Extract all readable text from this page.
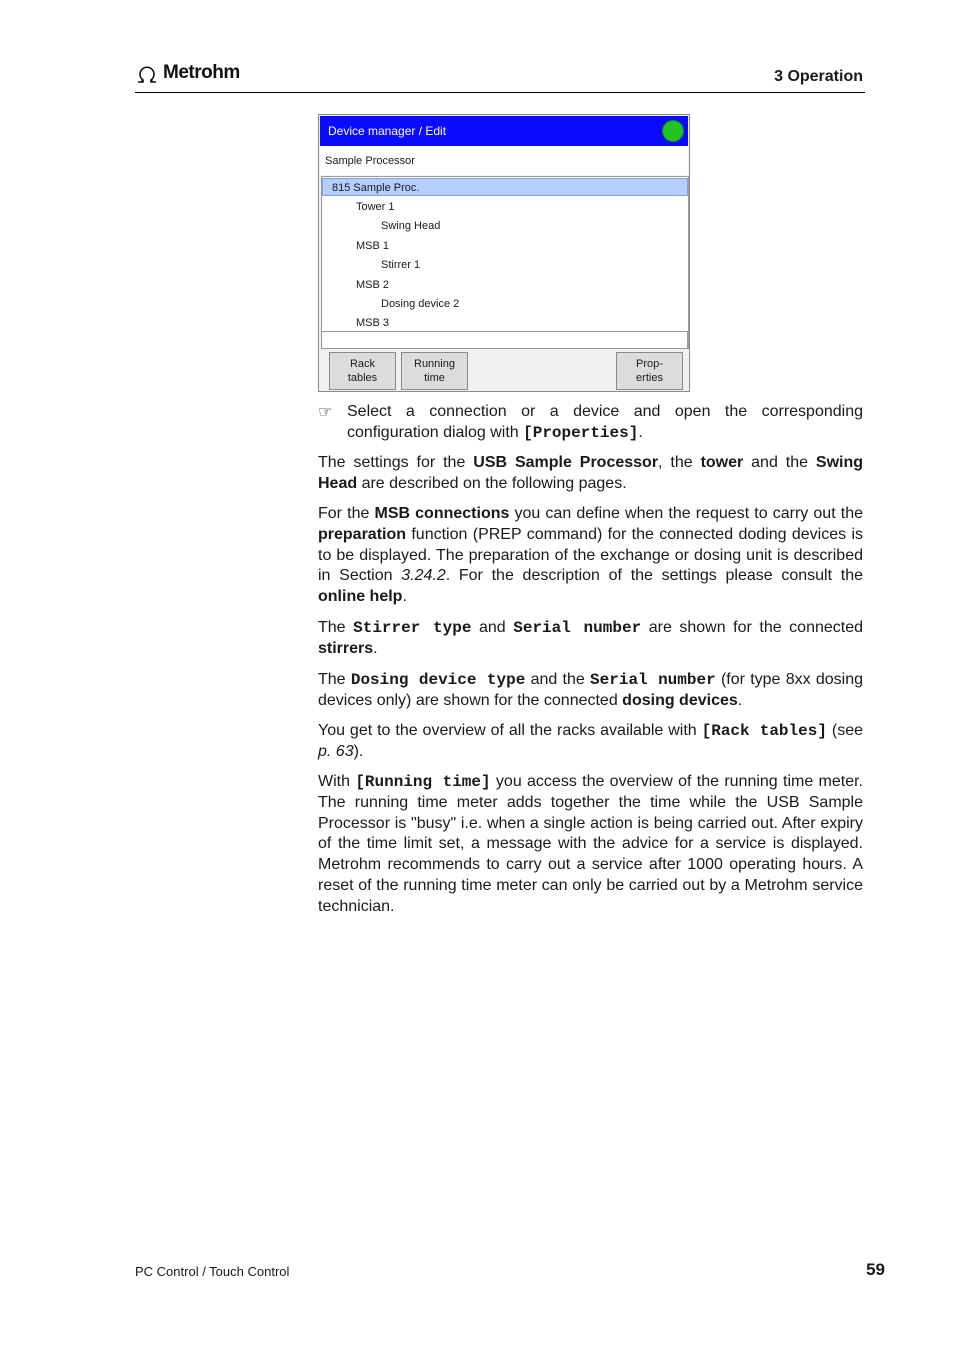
Metrohm	3 Operation
Device manager / Edit
Sample Processor
815 Sample Proc.
Tower 1
Swing Head
MSB 1
Stirrer 1
MSB 2
Dosing device 2
MSB 3
Rack
tables
Running
time
Prop-
erties
☞ Select a connection or a device and open the corresponding configuration dialog with [Properties].

The settings for the USB Sample Processor, the tower and the Swing Head are described on the following pages.

For the MSB connections you can define when the request to carry out the preparation function (PREP command) for the connected doding devices is to be displayed. The preparation of the exchange or dosing unit is described in Section 3.24.2. For the description of the settings please consult the online help.

The Stirrer type and Serial number are shown for the connected stirrers.

The Dosing device type and the Serial number (for type 8xx dosing devices only) are shown for the connected dosing devices.

You get to the overview of all the racks available with [Rack tables] (see p. 63).

With [Running time] you access the overview of the running time meter. The running time meter adds together the time while the USB Sample Processor is "busy" i.e. when a single action is being carried out. After expiry of the time limit set, a message with the advice for a service is displayed. Metrohm recommends to carry out a service after 1000 operating hours. A reset of the running time meter can only be carried out by a Metrohm service technician.

PC Control / Touch Control	59
